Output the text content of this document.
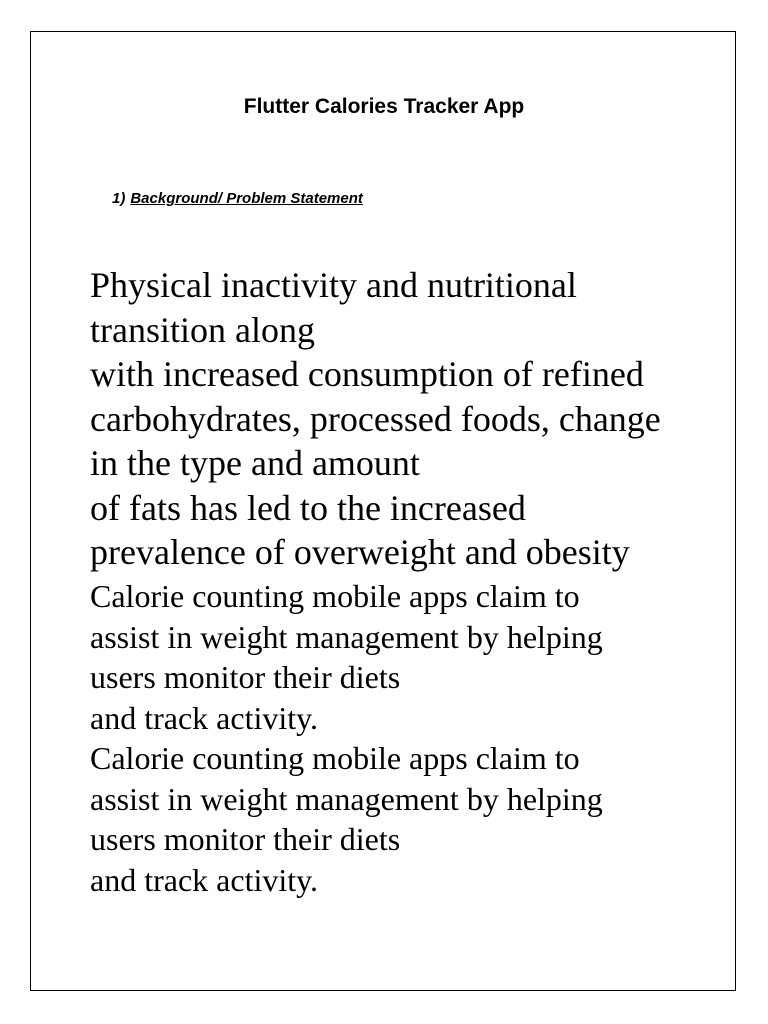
Flutter Calories Tracker App
1) Background/ Problem Statement
Physical inactivity and nutritional
transition along
with increased consumption of refined
carbohydrates, processed foods, change
in the type and amount
of fats has led to the increased
prevalence of overweight and obesity
Calorie counting mobile apps claim to
assist in weight management by helping
users monitor their diets
and track activity.
Calorie counting mobile apps claim to
assist in weight management by helping
users monitor their diets
and track activity.
